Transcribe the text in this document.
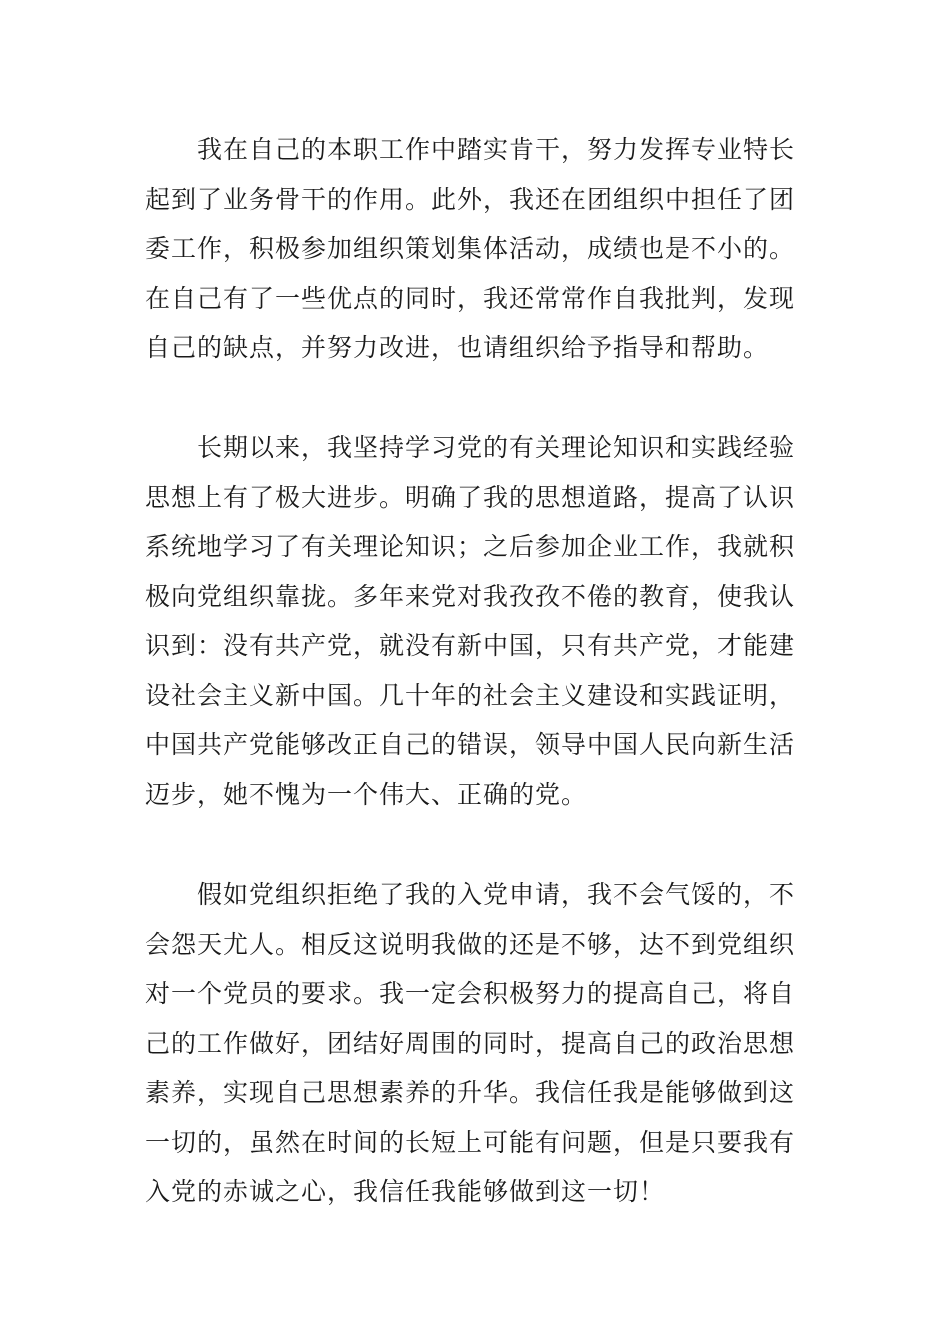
我在自己的本职工作中踏实肯干，努力发挥专业特长
起到了业务骨干的作用。此外，我还在团组织中担任了团
委工作，积极参加组织策划集体活动，成绩也是不小的。
在自己有了一些优点的同时，我还常常作自我批判，发现
自己的缺点，并努力改进，也请组织给予指导和帮助。
长期以来，我坚持学习党的有关理论知识和实践经验
思想上有了极大进步。明确了我的思想道路，提高了认识
系统地学习了有关理论知识；之后参加企业工作，我就积
极向党组织靠拢。多年来党对我孜孜不倦的教育，使我认
识到：没有共产党，就没有新中国，只有共产党，才能建
设社会主义新中国。几十年的社会主义建设和实践证明，
中国共产党能够改正自己的错误，领导中国人民向新生活
迈步，她不愧为一个伟大、正确的党。
假如党组织拒绝了我的入党申请，我不会气馁的，不
会怨天尤人。相反这说明我做的还是不够，达不到党组织
对一个党员的要求。我一定会积极努力的提高自己，将自
己的工作做好，团结好周围的同时，提高自己的政治思想
素养，实现自己思想素养的升华。我信任我是能够做到这
一切的，虽然在时间的长短上可能有问题，但是只要我有
入党的赤诚之心，我信任我能够做到这一切！
